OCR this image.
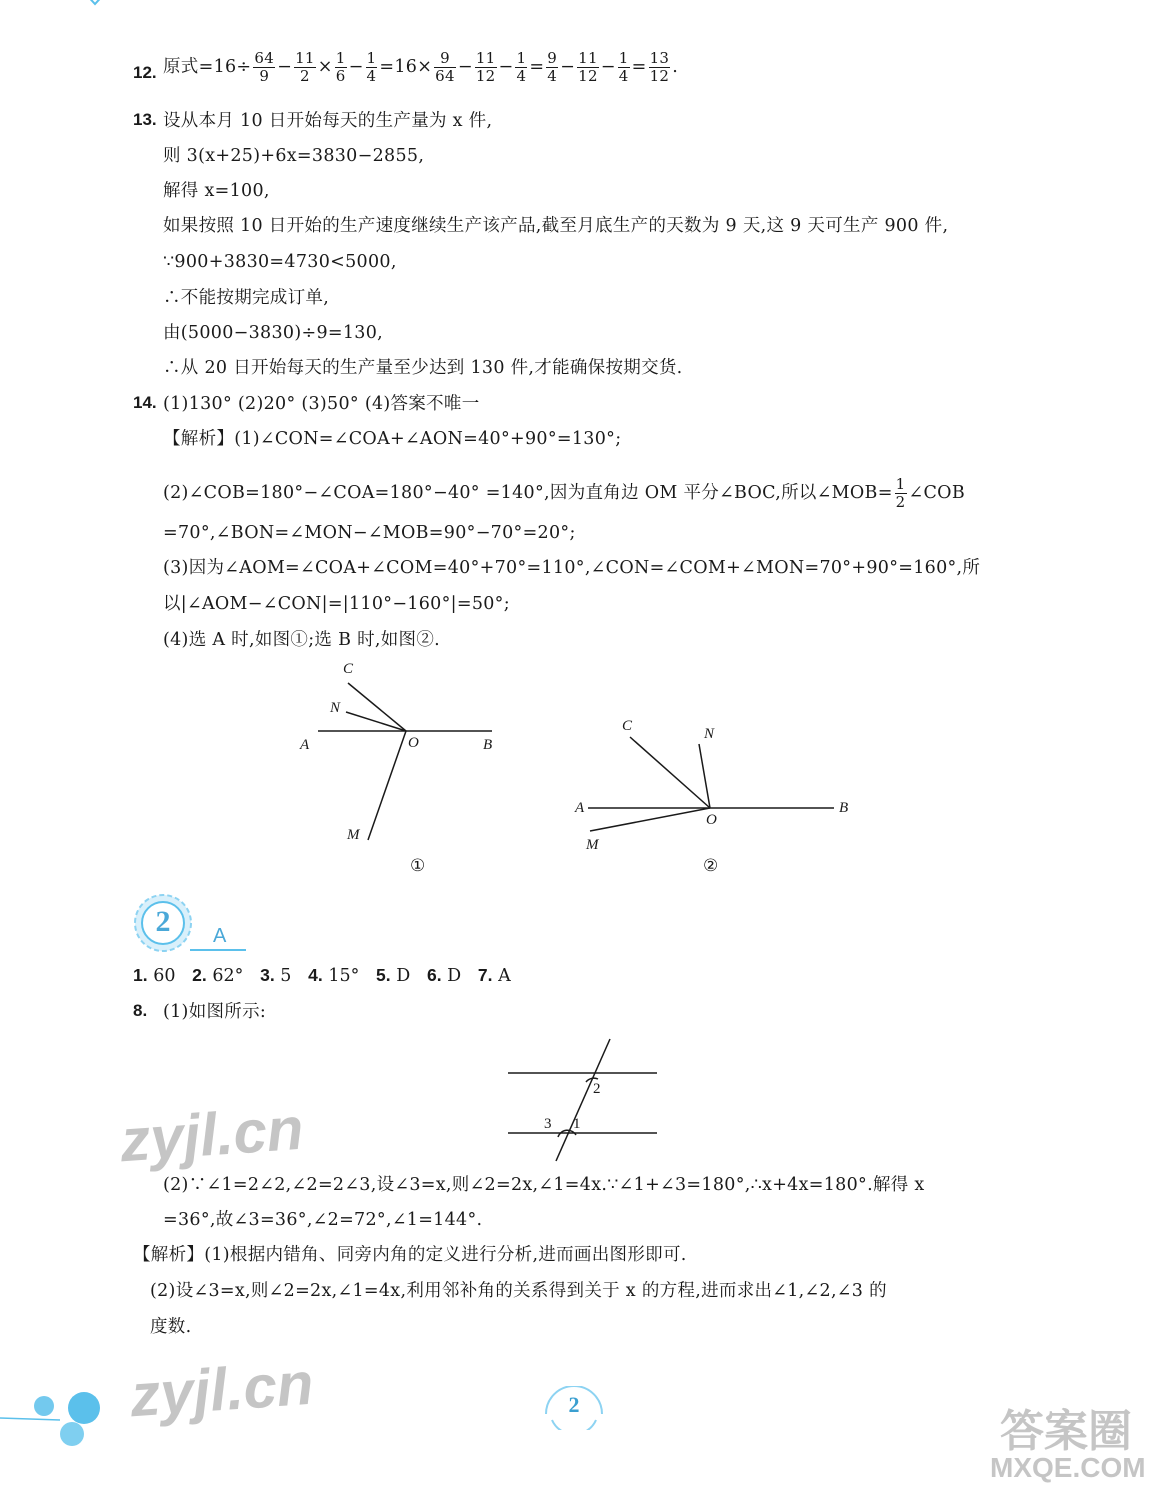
12. 原式$=16\div \frac{64}{9} - \frac{11}{2} \times \frac{1}{6} - \frac{1}{4} =16\times \frac{9}{64} - \frac{11}{12} - \frac{1}{4} = \frac{9}{4} - \frac{11}{12} - \frac{1}{4} = \frac{13}{12}$ .
13. 设从本月 10 日开始每天的生产量为 x 件,
则 3(x+25)+6x=3830−2855,
解得 x=100,
如果按照 10 日开始的生产速度继续生产该产品,截至月底生产的天数为 9 天,这 9 天可生产 900 件,
∵900+3830=4730<5000,
∴不能按期完成订单,
由(5000−3830)÷9=130,
∴从 20 日开始每天的生产量至少达到 130 件,才能确保按期交货.
14. (1)130° (2)20° (3)50° (4)答案不唯一
【解析】(1)∠CON=∠COA+∠AON=40°+90°=130°;
(2)∠COB=180°−∠COA=180°−40° =140°,因为直角边 OM 平分∠BOC,所以∠MOB= $\frac{1}{2}$ ∠COB
=70°,∠BON=∠MON−∠MOB=90°−70°=20°;
(3)因为∠AOM=∠COA+∠COM=40°+70°=110°,∠CON=∠COM+∠MON=70°+90°=160°,所
以|∠AOM−∠CON|=|110°−160°|=50°;
(4)选 A 时,如图①;选 B 时,如图②.
C
N
A	O	B
M
①
C	N
A
O
B
M
②
2	A
1. 60 2. 62° 3. 5 4. 15° 5. D 6. D 7. A
8. (1)如图所示:
2
3 1
(2)∵∠1=2∠2,∠2=2∠3,设∠3=x,则∠2=2x,∠1=4x.∵∠1+∠3=180°,∴x+4x=180°.解得 x
=36°,故∠3=36°,∠2=72°,∠1=144°.
【解析】(1)根据内错角、同旁内角的定义进行分析,进而画出图形即可.
(2)设∠3=x,则∠2=2x,∠1=4x,利用邻补角的关系得到关于 x 的方程,进而求出∠1,∠2,∠3 的
度数.
zyjl.cn
zyjl.cn
答案圈
MXQE.COM
2
